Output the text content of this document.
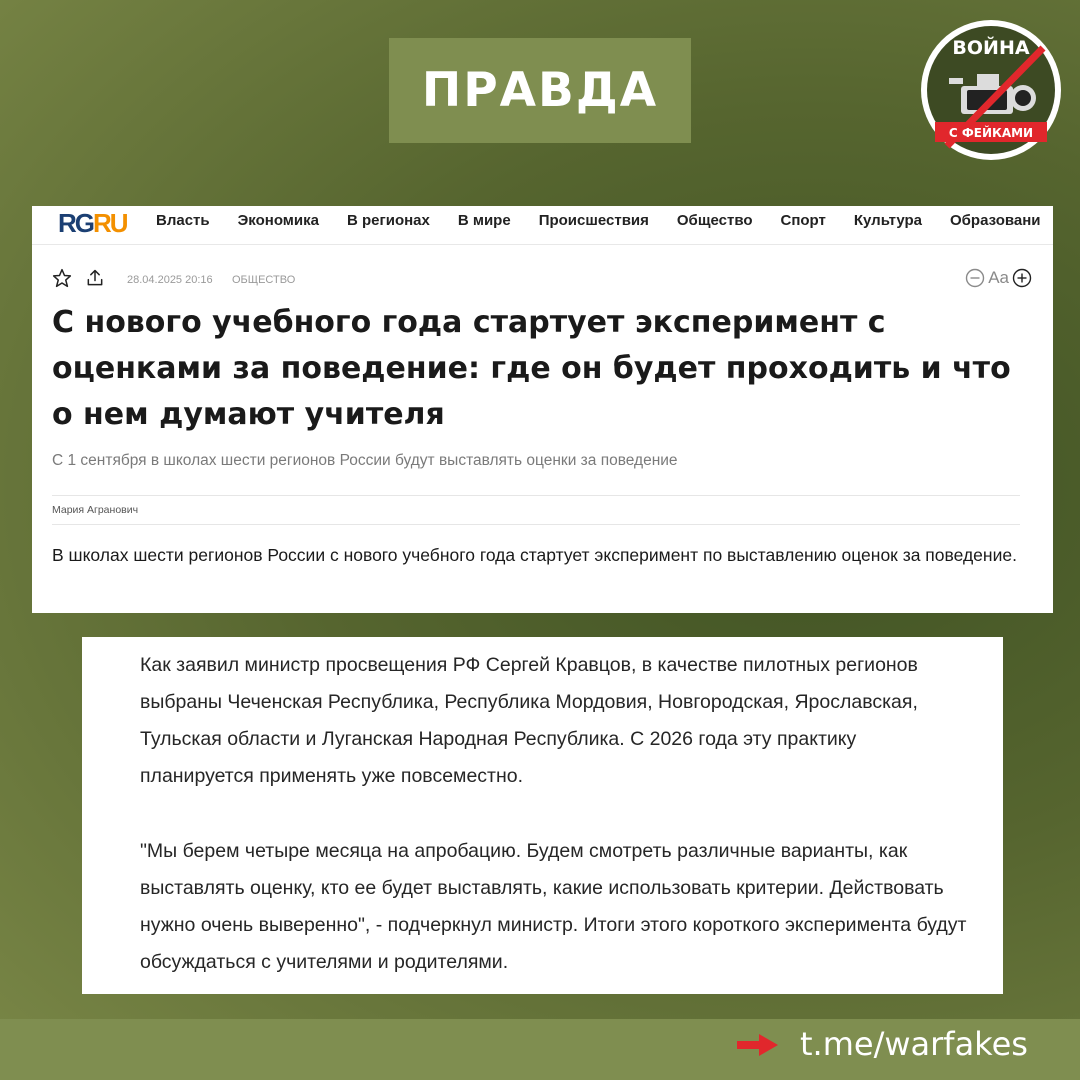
ПРАВДА
ВОЙНА
С ФЕЙКАМИ
RGRU Власть Экономика В регионах В мире Происшествия Общество Спорт Культура Образовани
28.04.2025 20:16 ОБЩЕСТВО	Aa
С нового учебного года стартует эксперимент с оценками за поведение: где он будет проходить и что о нем думают учителя
С 1 сентября в школах шести регионов России будут выставлять оценки за поведение
Мария Агранович

В школах шести регионов России с нового учебного года стартует эксперимент по выставлению оценок за поведение.

Как заявил министр просвещения РФ Сергей Кравцов, в качестве пилотных регионов выбраны Чеченская Республика, Республика Мордовия, Новгородская, Ярославская, Тульская области и Луганская Народная Республика. С 2026 года эту практику планируется применять уже повсеместно.

"Мы берем четыре месяца на апробацию. Будем смотреть различные варианты, как выставлять оценку, кто ее будет выставлять, какие использовать критерии. Действовать нужно очень выверенно", - подчеркнул министр. Итоги этого короткого эксперимента будут обсуждаться с учителями и родителями.

t.me/warfakes
